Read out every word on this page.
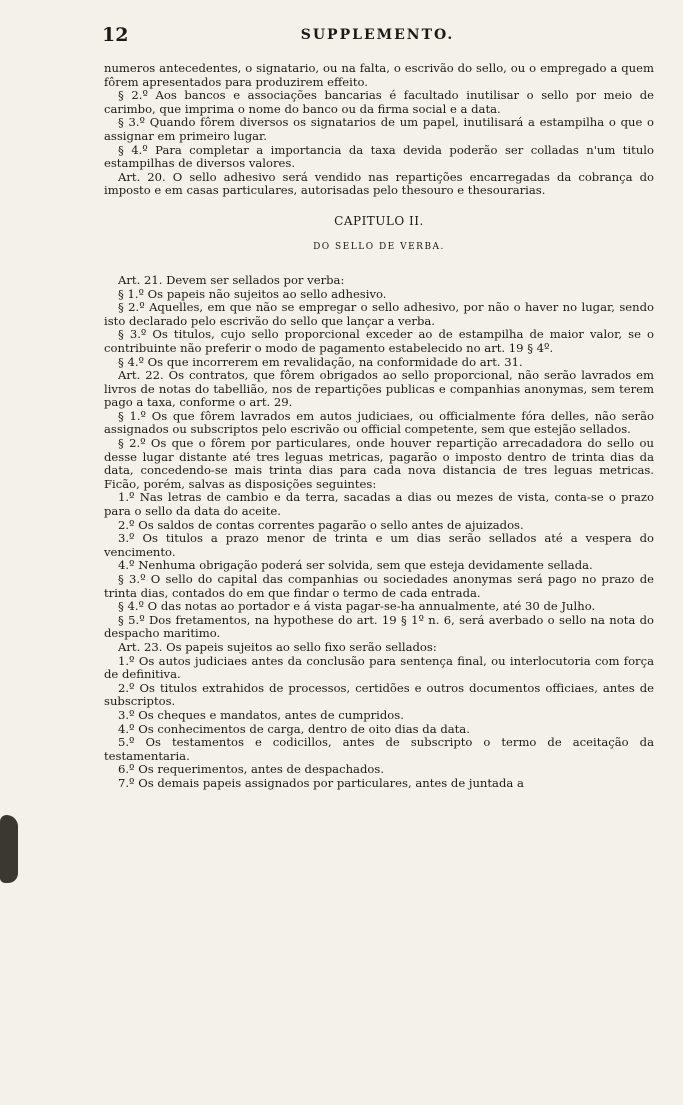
12	SUPPLEMENTO.

numeros antecedentes, o signatario, ou na falta, o escrivão do sello, ou o empregado a quem fôrem apresentados para produzirem effeito.

§ 2.º Aos bancos e associações bancarias é facultado inutilisar o sello por meio de carimbo, que imprima o nome do banco ou da firma social e a data.

§ 3.º Quando fôrem diversos os signatarios de um papel, inutilisará a estampilha o que o assignar em primeiro lugar.

§ 4.º Para completar a importancia da taxa devida poderão ser colladas n'um titulo estampilhas de diversos valores.

Art. 20. O sello adhesivo será vendido nas repartições encarregadas da cobrança do imposto e em casas particulares, autorisadas pelo thesouro e thesourarias.

CAPITULO II.
DO SELLO DE VERBA.

Art. 21. Devem ser sellados por verba:

§ 1.º Os papeis não sujeitos ao sello adhesivo.

§ 2.º Aquelles, em que não se empregar o sello adhesivo, por não o haver no lugar, sendo isto declarado pelo escrivão do sello que lançar a verba.

§ 3.º Os titulos, cujo sello proporcional exceder ao de estampilha de maior valor, se o contribuinte não preferir o modo de pagamento estabelecido no art. 19 § 4º.

§ 4.º Os que incorrerem em revalidação, na conformidade do art. 31.

Art. 22. Os contratos, que fôrem obrigados ao sello proporcional, não serão lavrados em livros de notas do tabellião, nos de repartições publicas e companhias anonymas, sem terem pago a taxa, conforme o art. 29.

§ 1.º Os que fôrem lavrados em autos judiciaes, ou officialmente fóra delles, não serão assignados ou subscriptos pelo escrivão ou official competente, sem que estejão sellados.

§ 2.º Os que o fôrem por particulares, onde houver repartição arrecadadora do sello ou desse lugar distante até tres leguas metricas, pagarão o imposto dentro de trinta dias da data, concedendo-se mais trinta dias para cada nova distancia de tres leguas metricas. Ficão, porém, salvas as disposições seguintes:

1.º Nas letras de cambio e da terra, sacadas a dias ou mezes de vista, conta-se o prazo para o sello da data do aceite.

2.º Os saldos de contas correntes pagarão o sello antes de ajuizados.

3.º Os titulos a prazo menor de trinta e um dias serão sellados até a vespera do vencimento.

4.º Nenhuma obrigação poderá ser solvida, sem que esteja devidamente sellada.

§ 3.º O sello do capital das companhias ou sociedades anonymas será pago no prazo de trinta dias, contados do em que findar o termo de cada entrada.

§ 4.º O das notas ao portador e á vista pagar-se-ha annualmente, até 30 de Julho.

§ 5.º Dos fretamentos, na hypothese do art. 19 § 1º n. 6, será averbado o sello na nota do despacho maritimo.

Art. 23. Os papeis sujeitos ao sello fixo serão sellados:

1.º Os autos judiciaes antes da conclusão para sentença final, ou interlocutoria com força de definitiva.

2.º Os titulos extrahidos de processos, certidões e outros documentos officiaes, antes de subscriptos.

3.º Os cheques e mandatos, antes de cumpridos.

4.º Os conhecimentos de carga, dentro de oito dias da data.

5.º Os testamentos e codicillos, antes de subscripto o termo de aceitação da testamentaria.

6.º Os requerimentos, antes de despachados.

7.º Os demais papeis assignados por particulares, antes de juntada a
